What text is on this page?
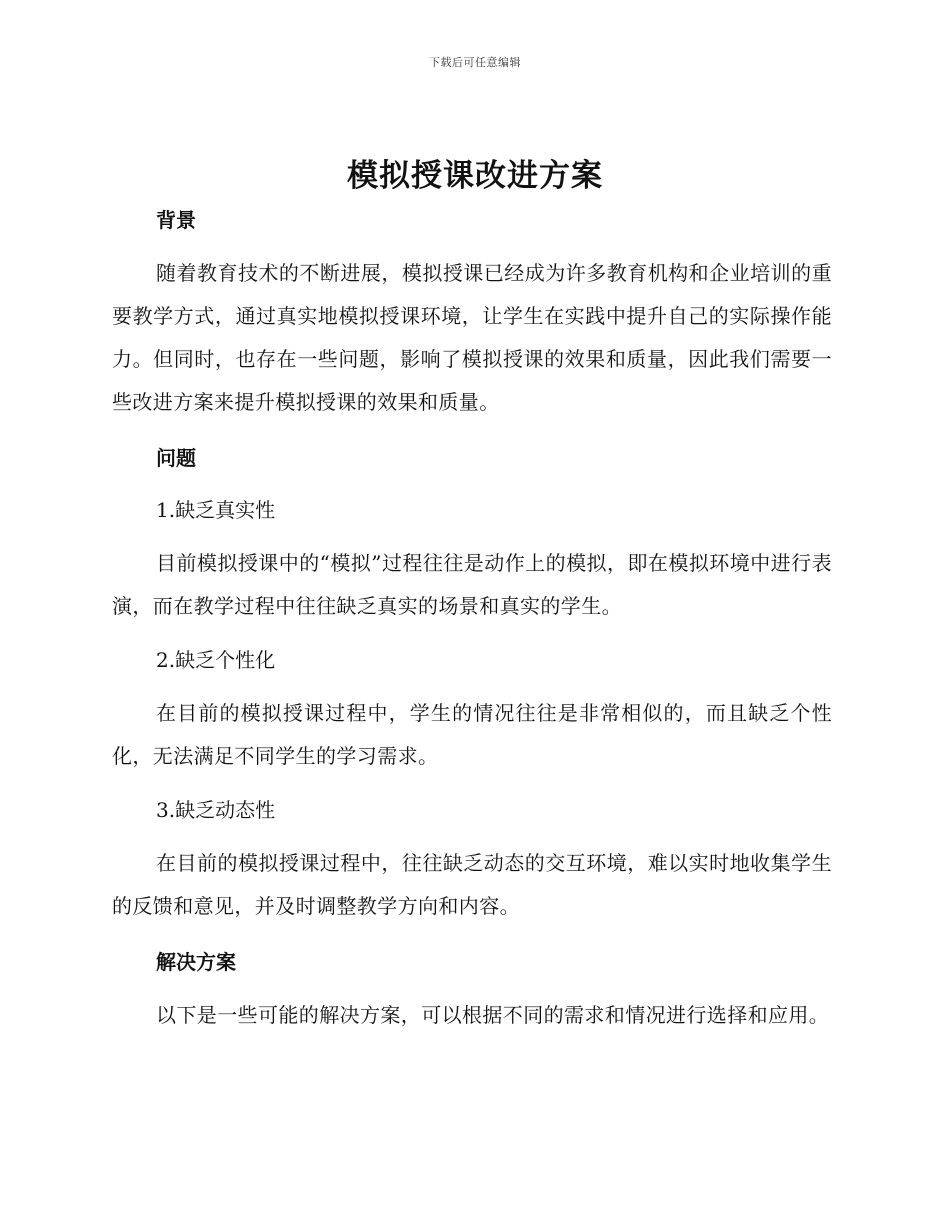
下载后可任意编辑
模拟授课改进方案
背景

随着教育技术的不断进展，模拟授课已经成为许多教育机构和企业培训的重要教学方式，通过真实地模拟授课环境，让学生在实践中提升自己的实际操作能力。但同时，也存在一些问题，影响了模拟授课的效果和质量，因此我们需要一些改进方案来提升模拟授课的效果和质量。

问题

1.缺乏真实性

目前模拟授课中的“模拟”过程往往是动作上的模拟，即在模拟环境中进行表演，而在教学过程中往往缺乏真实的场景和真实的学生。

2.缺乏个性化

在目前的模拟授课过程中，学生的情况往往是非常相似的，而且缺乏个性化，无法满足不同学生的学习需求。

3.缺乏动态性

在目前的模拟授课过程中，往往缺乏动态的交互环境，难以实时地收集学生的反馈和意见，并及时调整教学方向和内容。

解决方案

以下是一些可能的解决方案，可以根据不同的需求和情况进行选择和应用。
